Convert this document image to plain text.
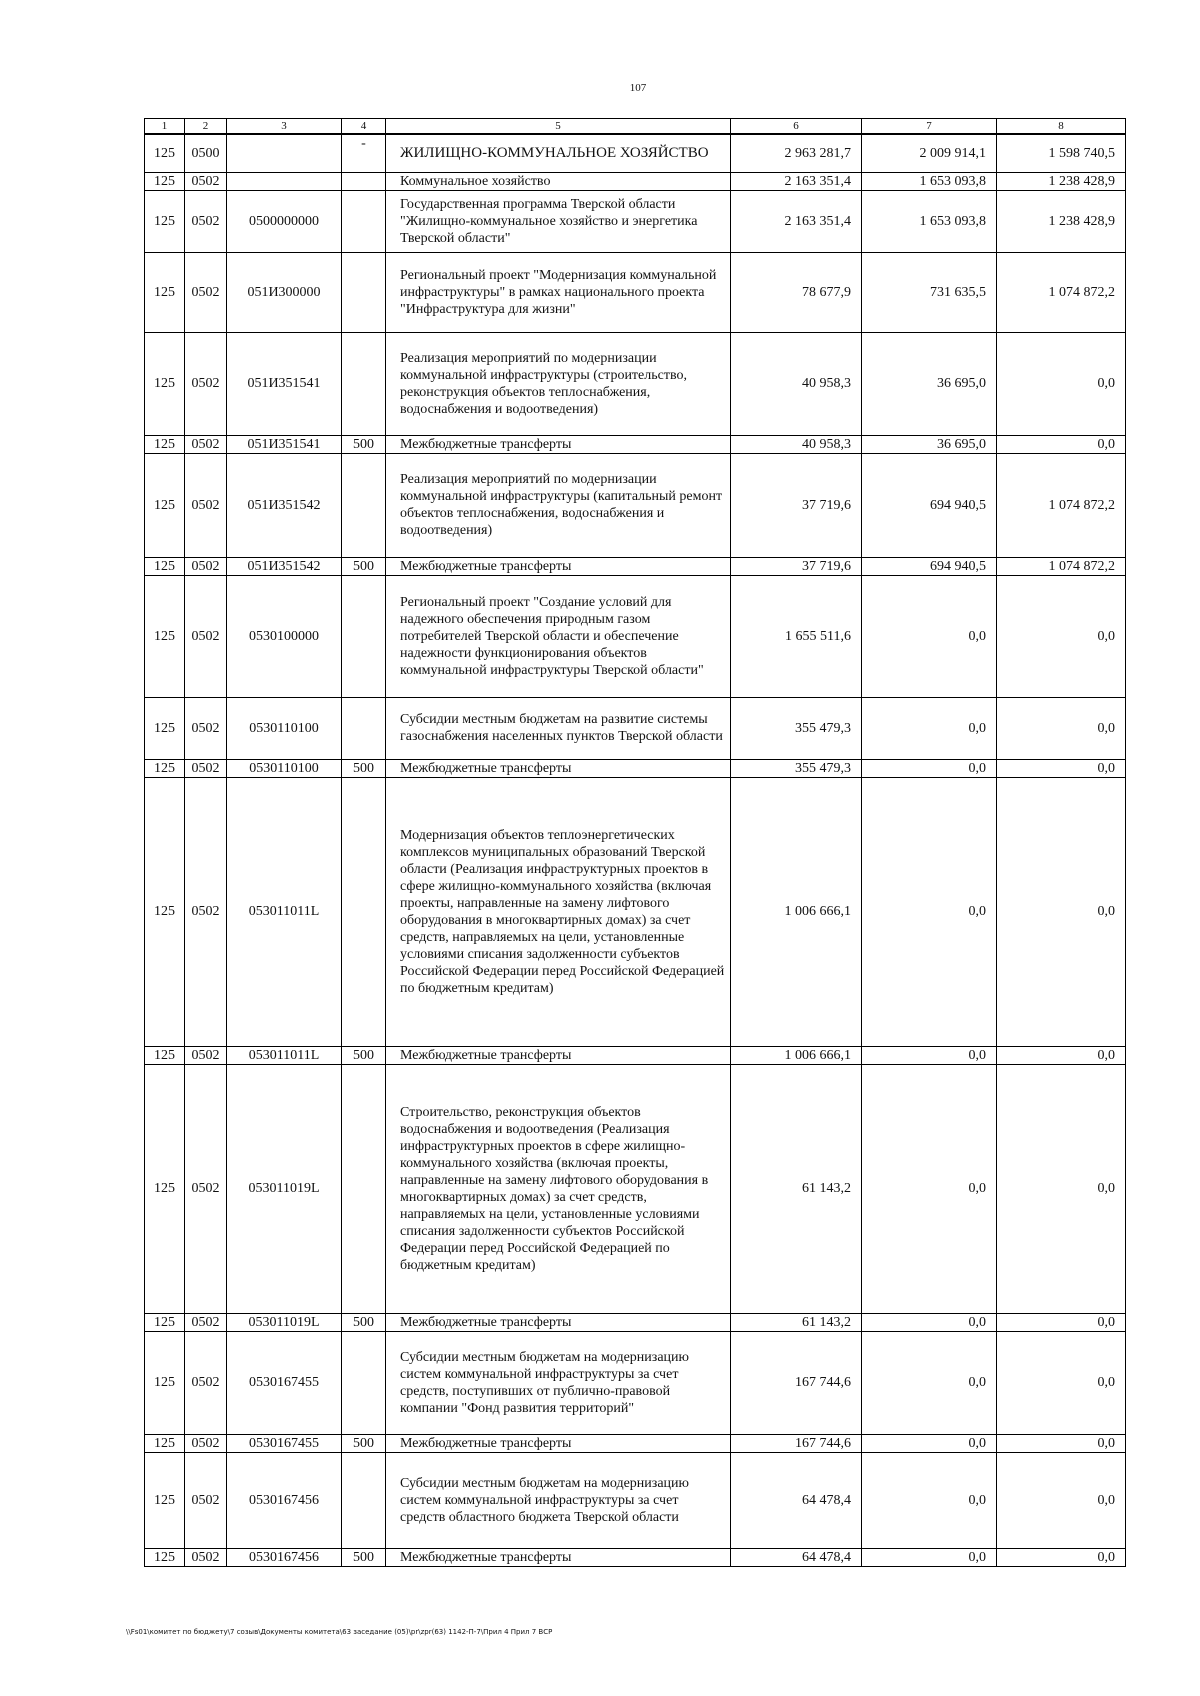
107
1	2	3	4	5	6	7	8
125	0500		-	ЖИЛИЩНО-КОММУНАЛЬНОЕ ХОЗЯЙСТВО	2 963 281,7	2 009 914,1	1 598 740,5
125	0502			Коммунальное хозяйство	2 163 351,4	1 653 093,8	1 238 428,9
125	0502	0500000000		Государственная программа Тверской области "Жилищно-коммунальное хозяйство и энергетика Тверской области"	2 163 351,4	1 653 093,8	1 238 428,9
125	0502	051И300000		Региональный проект "Модернизация коммунальной инфраструктуры" в рамках национального проекта "Инфраструктура для жизни"	78 677,9	731 635,5	1 074 872,2
125	0502	051И351541		Реализация мероприятий по модернизации коммунальной инфраструктуры (строительство, реконструкция объектов теплоснабжения, водоснабжения и водоотведения)	40 958,3	36 695,0	0,0
125	0502	051И351541	500	Межбюджетные трансферты	40 958,3	36 695,0	0,0
125	0502	051И351542		Реализация мероприятий по модернизации коммунальной инфраструктуры (капитальный ремонт объектов теплоснабжения, водоснабжения и водоотведения)	37 719,6	694 940,5	1 074 872,2
125	0502	051И351542	500	Межбюджетные трансферты	37 719,6	694 940,5	1 074 872,2
125	0502	0530100000		Региональный проект "Создание условий для надежного обеспечения природным газом потребителей Тверской области и обеспечение надежности функционирования объектов коммунальной инфраструктуры Тверской области"	1 655 511,6	0,0	0,0
125	0502	0530110100		Субсидии местным бюджетам на развитие системы газоснабжения населенных пунктов Тверской области	355 479,3	0,0	0,0
125	0502	0530110100	500	Межбюджетные трансферты	355 479,3	0,0	0,0
125	0502	053011011L		Модернизация объектов теплоэнергетических комплексов муниципальных образований Тверской области (Реализация инфраструктурных проектов в сфере жилищно-коммунального хозяйства (включая проекты, направленные на замену лифтового оборудования в многоквартирных домах) за счет средств, направляемых на цели, установленные условиями списания задолженности субъектов Российской Федерации перед Российской Федерацией по бюджетным кредитам)	1 006 666,1	0,0	0,0
125	0502	053011011L	500	Межбюджетные трансферты	1 006 666,1	0,0	0,0
125	0502	053011019L		Строительство, реконструкция объектов водоснабжения и водоотведения (Реализация инфраструктурных проектов в сфере жилищно-коммунального хозяйства (включая проекты, направленные на замену лифтового оборудования в многоквартирных домах) за счет средств, направляемых на цели, установленные условиями списания задолженности субъектов Российской Федерации перед Российской Федерацией по бюджетным кредитам)	61 143,2	0,0	0,0
125	0502	053011019L	500	Межбюджетные трансферты	61 143,2	0,0	0,0
125	0502	0530167455		Субсидии местным бюджетам на модернизацию систем коммунальной инфраструктуры за счет средств, поступивших от публично-правовой компании "Фонд развития территорий"	167 744,6	0,0	0,0
125	0502	0530167455	500	Межбюджетные трансферты	167 744,6	0,0	0,0
125	0502	0530167456		Субсидии местным бюджетам на модернизацию систем коммунальной инфраструктуры за счет средств областного бюджета Тверской области	64 478,4	0,0	0,0
125	0502	0530167456	500	Межбюджетные трансферты	64 478,4	0,0	0,0
\\Fs01\комитет по бюджету\7 созыв\Документы комитета\63 заседание (05)\pr\zpr(63) 1142-П-7\Прил 4 Прил 7 ВСР
